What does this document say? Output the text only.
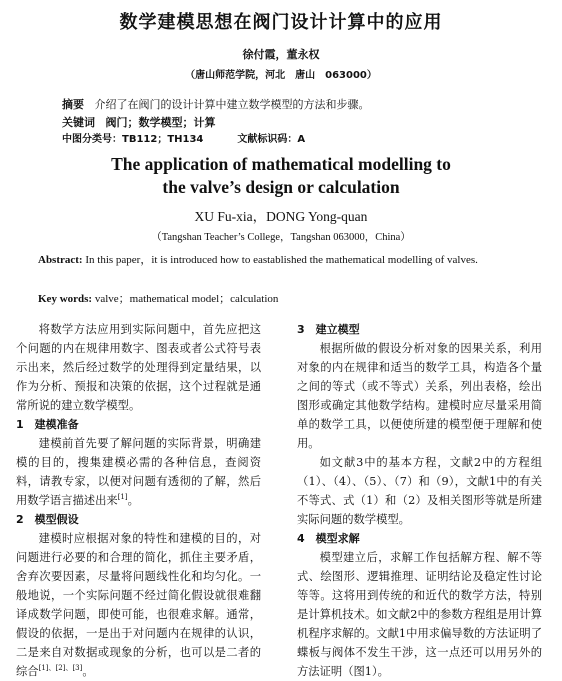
数学建模思想在阀门设计计算中的应用
徐付霞，董永权
（唐山师范学院，河北　唐山　063000）
摘要 介绍了在阀门的设计计算中建立数学模型的方法和步骤。
关键词 阀门；数学模型；计算
中图分类号：TB112；TH134	文献标识码：A
The application of mathematical modelling to
the valve’s design or calculation
XU Fu-xia，DONG Yong-quan
（Tangshan Teacher’s College，Tangshan 063000，China）
Abstract: In this paper，it is introduced how to eastablished the mathematical modelling of valves.
Key words: valve；mathematical model；calculation

将数学方法应用到实际问题中，首先应把这个问题的内在规律用数字、图表或者公式符号表示出来，然后经过数学的处理得到定量结果，以作为分析、预报和决策的依据，这个过程就是通常所说的建立数学模型。

1　建模准备

建模前首先要了解问题的实际背景，明确建模的目的，搜集建模必需的各种信息，查阅资料，请教专家，以便对问题有透彻的了解，然后用数学语言描述出来[1]。

2　模型假设

建模时应根据对象的特性和建模的目的，对问题进行必要的和合理的简化，抓住主要矛盾，舍弃次要因素，尽量将问题线性化和均匀化。一般地说，一个实际问题不经过简化假设就很难翻译成数学问题，即使可能，也很难求解。通常，假设的依据，一是出于对问题内在规律的认识，二是来自对数据或现象的分析，也可以是二者的综合[1]、[2]、[3]。

3　建立模型

根据所做的假设分析对象的因果关系，利用对象的内在规律和适当的数学工具，构造各个量之间的等式（或不等式）关系，列出表格，绘出图形或确定其他数学结构。建模时应尽量采用简单的数学工具，以便使所建的模型便于理解和使用。

如文献3中的基本方程，文献2中的方程组（1）、（4）、（5）、（7）和（9），文献1中的有关不等式、式（1）和（2）及相关图形等就是所建实际问题的数学模型。

4　模型求解

模型建立后，求解工作包括解方程、解不等式、绘图形、逻辑推理、证明结论及稳定性讨论等等。这将用到传统的和近代的数学方法，特别是计算机技术。如文献2中的参数方程组是用计算机程序求解的。文献1中用求偏导数的方法证明了蝶板与阀体不发生干涉，这一点还可以用另外的方法证明（图1）。
